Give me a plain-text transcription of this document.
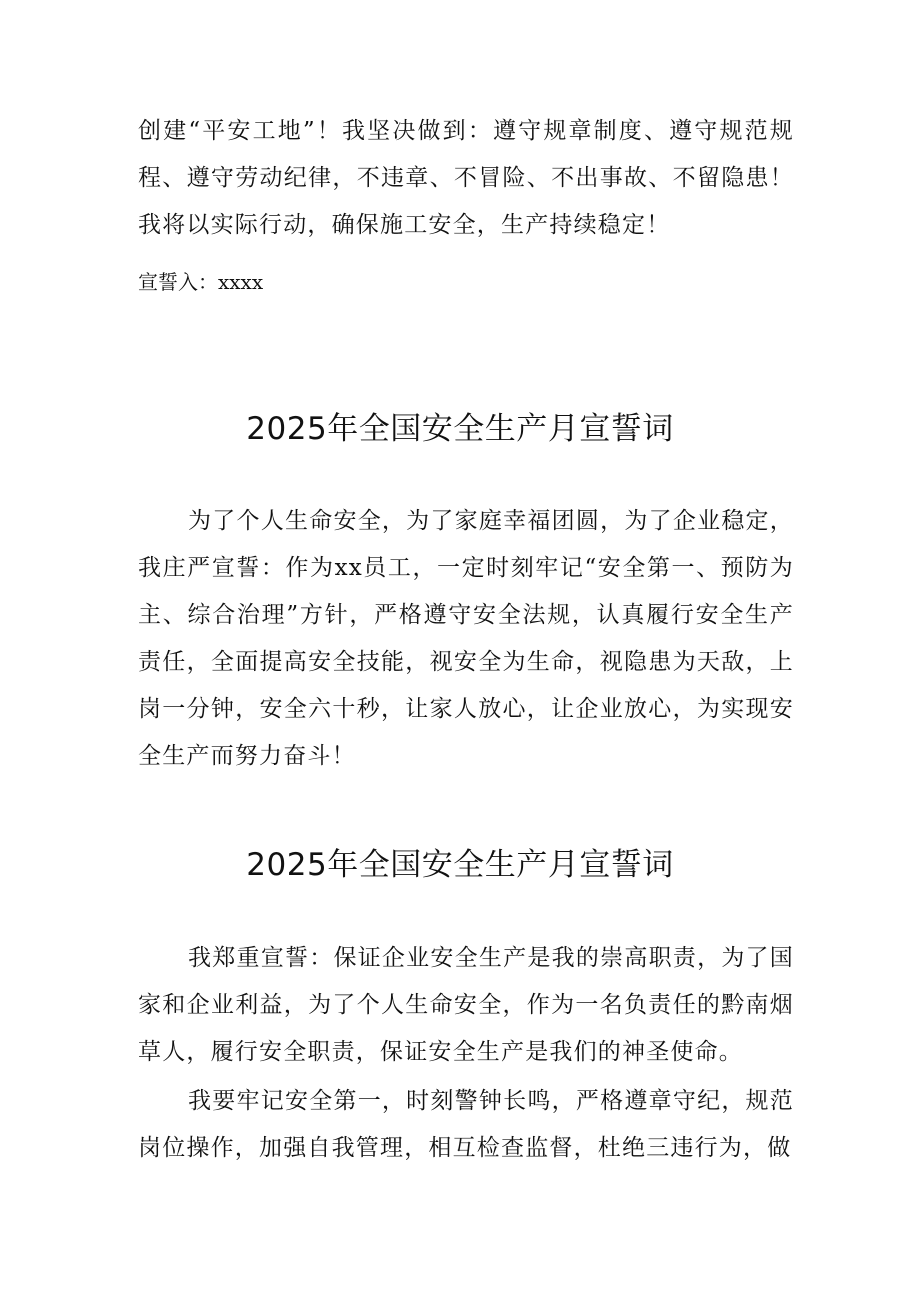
创建“平安工地”！我坚决做到：遵守规章制度、遵守规范规程、遵守劳动纪律，不违章、不冒险、不出事故、不留隐患！我将以实际行动，确保施工安全，生产持续稳定！

宣誓入：xxxx

2025年全国安全生产月宣誓词

为了个人生命安全，为了家庭幸福团圆，为了企业稳定，我庄严宣誓：作为xx员工，一定时刻牢记“安全第一、预防为主、综合治理”方针，严格遵守安全法规，认真履行安全生产责任，全面提高安全技能，视安全为生命，视隐患为天敌，上岗一分钟，安全六十秒，让家人放心，让企业放心，为实现安全生产而努力奋斗！

2025年全国安全生产月宣誓词

我郑重宣誓：保证企业安全生产是我的崇高职责，为了国家和企业利益，为了个人生命安全，作为一名负责任的黔南烟草人，履行安全职责，保证安全生产是我们的神圣使命。

我要牢记安全第一，时刻警钟长鸣，严格遵章守纪，规范岗位操作，加强自我管理，相互检查监督，杜绝三违行为，做
